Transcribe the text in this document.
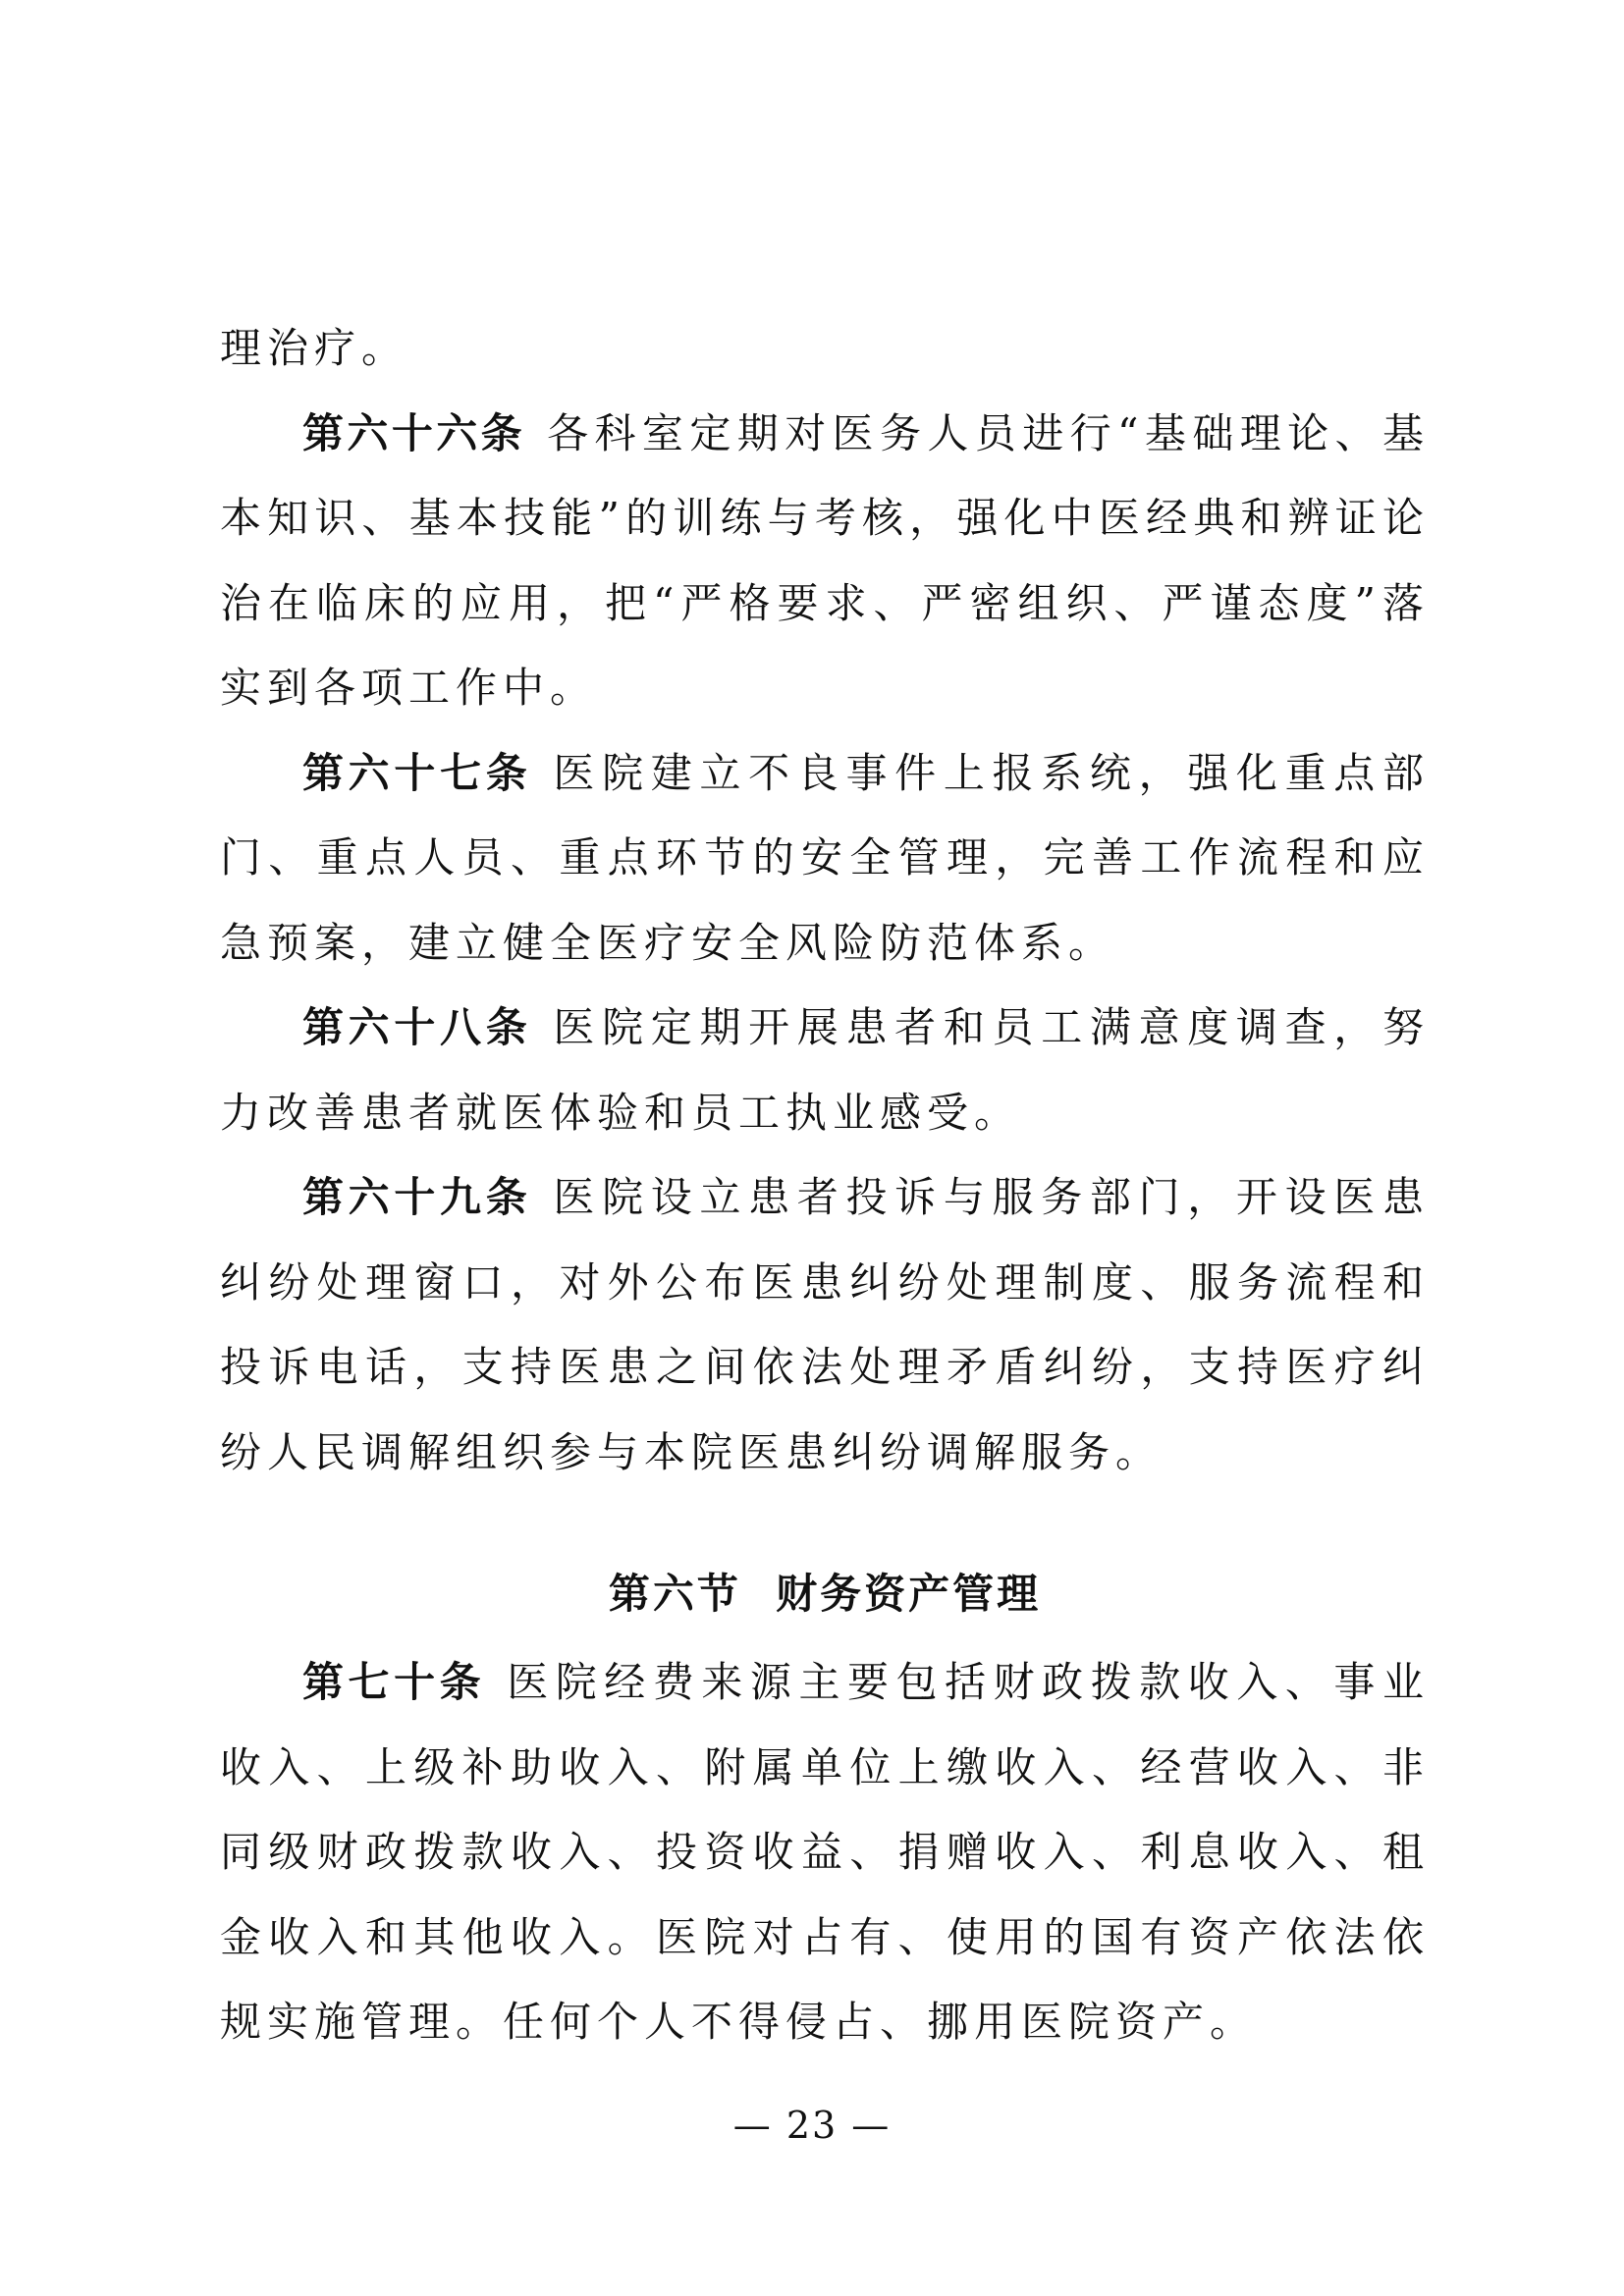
理治疗。

第六十六条 各科室定期对医务人员进行“基础理论、基本知识、基本技能”的训练与考核，强化中医经典和辨证论治在临床的应用，把“严格要求、严密组织、严谨态度”落实到各项工作中。

第六十七条 医院建立不良事件上报系统，强化重点部门、重点人员、重点环节的安全管理，完善工作流程和应急预案，建立健全医疗安全风险防范体系。

第六十八条 医院定期开展患者和员工满意度调查，努力改善患者就医体验和员工执业感受。

第六十九条 医院设立患者投诉与服务部门，开设医患纠纷处理窗口，对外公布医患纠纷处理制度、服务流程和投诉电话，支持医患之间依法处理矛盾纠纷，支持医疗纠纷人民调解组织参与本院医患纠纷调解服务。

第六节  财务资产管理

第七十条 医院经费来源主要包括财政拨款收入、事业收入、上级补助收入、附属单位上缴收入、经营收入、非同级财政拨款收入、投资收益、捐赠收入、利息收入、租金收入和其他收入。医院对占有、使用的国有资产依法依规实施管理。任何个人不得侵占、挪用医院资产。

— 23 —
